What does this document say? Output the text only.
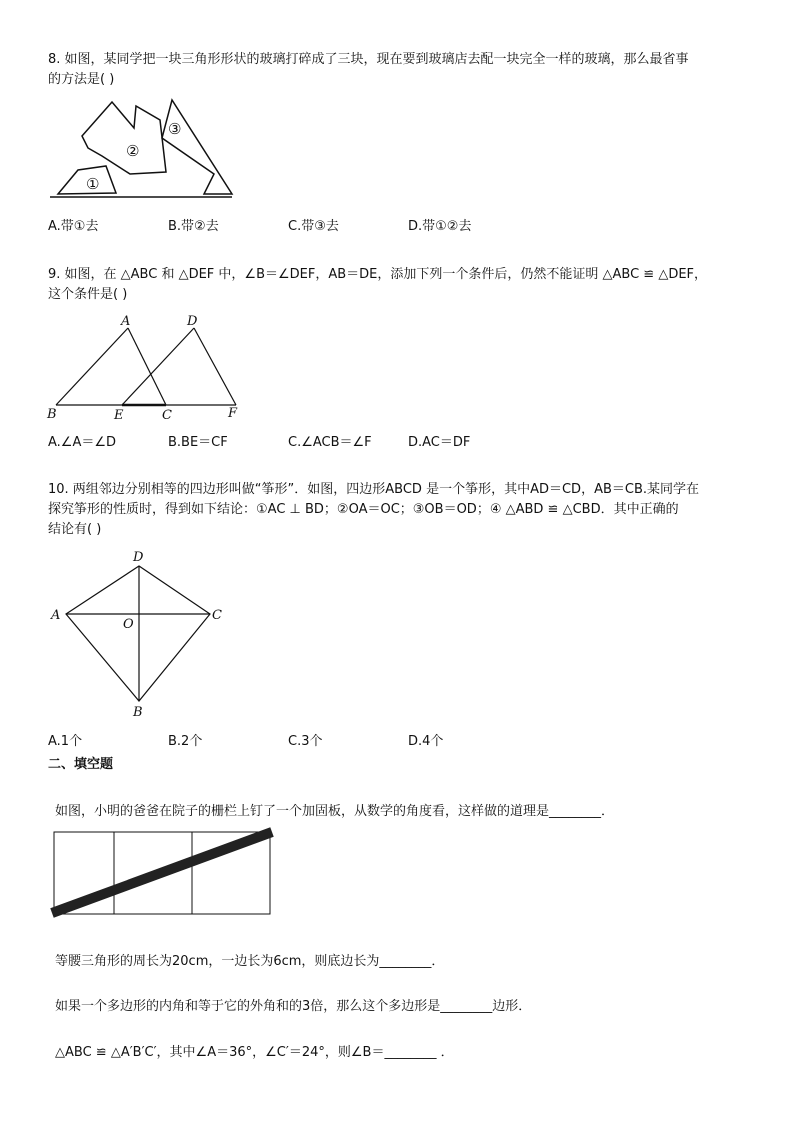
8. 如图，某同学把一块三角形形状的玻璃打碎成了三块，现在要到玻璃店去配一块完全一样的玻璃，那么最省事
的方法是( )
①
②
③
A.带①去	B.带②去	C.带③去	D.带①②去
9. 如图，在 △ABC 和 △DEF 中，∠B＝∠DEF，AB＝DE，添加下列一个条件后，仍然不能证明 △ABC ≌ △DEF，
这个条件是( )
A
B	C
D
E	F
A.∠A＝∠D	B.BE＝CF	C.∠ACB＝∠F	D.AC＝DF
10. 两组邻边分别相等的四边形叫做“筝形”．如图，四边形ABCD 是一个筝形，其中AD＝CD，AB＝CB.某同学在
探究筝形的性质时，得到如下结论：①AC ⊥ BD；②OA＝OC；③OB＝OD；④ △ABD ≌ △CBD．其中正确的
结论有( )
A
B
C
D
O
A.1个	B.2个	C.3个	D.4个
二、填空题
如图，小明的爸爸在院子的栅栏上钉了一个加固板，从数学的角度看，这样做的道理是________．
等腰三角形的周长为20cm，一边长为6cm，则底边长为________．
如果一个多边形的内角和等于它的外角和的3倍，那么这个多边形是________边形．
△ABC ≌ △A′B′C′，其中∠A＝36°，∠C′＝24°，则∠B＝________ ．
